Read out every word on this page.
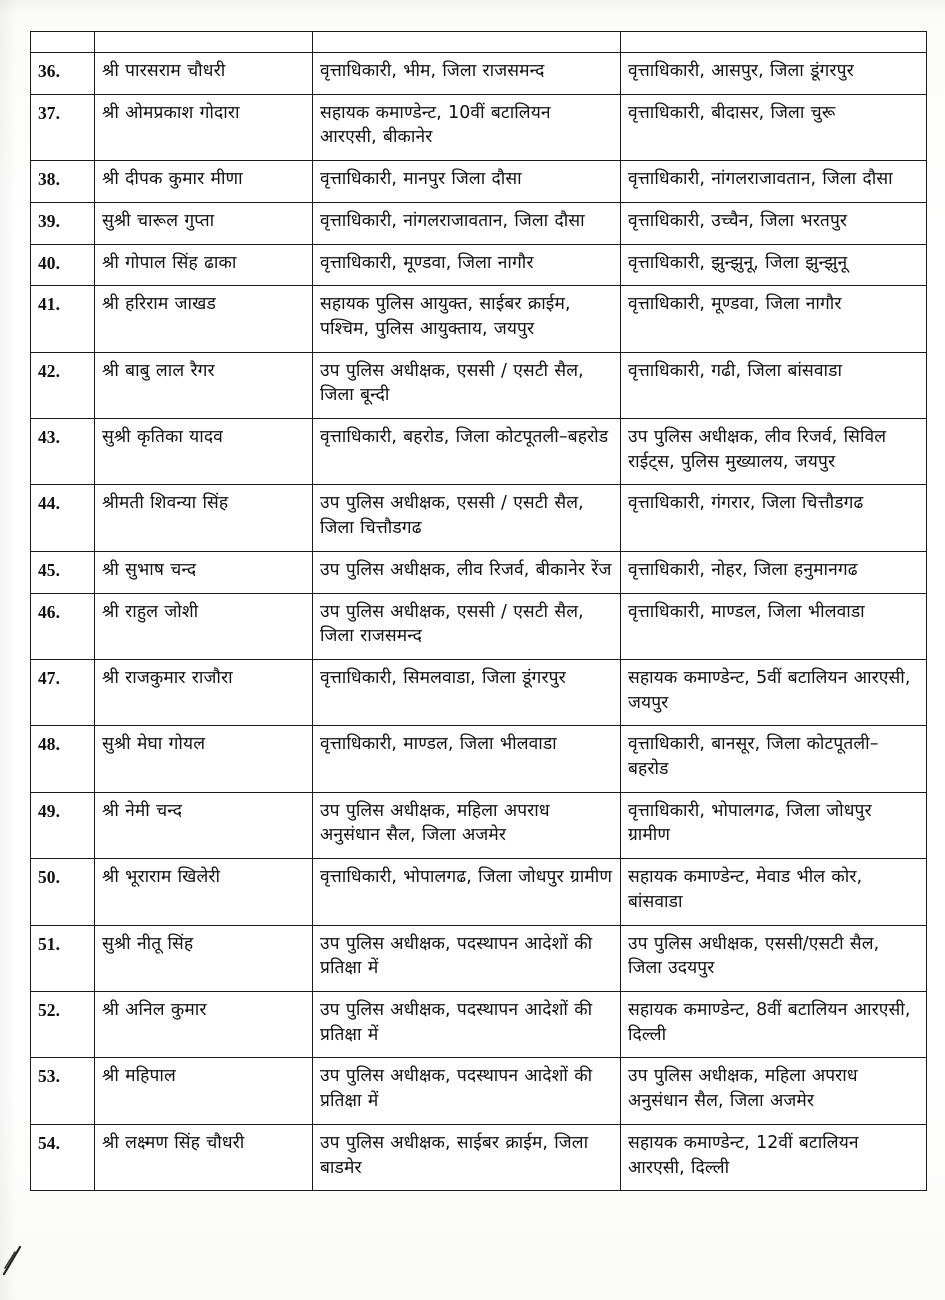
36.	श्री पारसराम चौधरी	वृत्ताधिकारी, भीम, जिला राजसमन्द	वृत्ताधिकारी, आसपुर, जिला डूंगरपुर
37.	श्री ओमप्रकाश गोदारा	सहायक कमाण्डेन्ट, 10वीं बटालियन आरएसी, बीकानेर	वृत्ताधिकारी, बीदासर, जिला चुरू
38.	श्री दीपक कुमार मीणा	वृत्ताधिकारी, मानपुर जिला दौसा	वृत्ताधिकारी, नांगलराजावतान, जिला दौसा
39.	सुश्री चारूल गुप्ता	वृत्ताधिकारी, नांगलराजावतान, जिला दौसा	वृत्ताधिकारी, उच्चैन, जिला भरतपुर
40.	श्री गोपाल सिंह ढाका	वृत्ताधिकारी, मूण्डवा, जिला नागौर	वृत्ताधिकारी, झुन्झुनू, जिला झुन्झुनू
41.	श्री हरिराम जाखड	सहायक पुलिस आयुक्त, साईबर क्राईम, पश्चिम, पुलिस आयुक्ताय, जयपुर	वृत्ताधिकारी, मूण्डवा, जिला नागौर
42.	श्री बाबु लाल रैगर	उप पुलिस अधीक्षक, एससी / एसटी सैल, जिला बून्दी	वृत्ताधिकारी, गढी, जिला बांसवाडा
43.	सुश्री कृतिका यादव	वृत्ताधिकारी, बहरोड, जिला कोटपूतली–बहरोड	उप पुलिस अधीक्षक, लीव रिजर्व, सिविल राईट्स, पुलिस मुख्यालय, जयपुर
44.	श्रीमती शिवन्या सिंह	उप पुलिस अधीक्षक, एससी / एसटी सैल, जिला चित्तौडगढ	वृत्ताधिकारी, गंगरार, जिला चित्तौडगढ
45.	श्री सुभाष चन्द	उप पुलिस अधीक्षक, लीव रिजर्व, बीकानेर रेंज	वृत्ताधिकारी, नोहर, जिला हनुमानगढ
46.	श्री राहुल जोशी	उप पुलिस अधीक्षक, एससी / एसटी सैल, जिला राजसमन्द	वृत्ताधिकारी, माण्डल, जिला भीलवाडा
47.	श्री राजकुमार राजौरा	वृत्ताधिकारी, सिमलवाडा, जिला डूंगरपुर	सहायक कमाण्डेन्ट, 5वीं बटालियन आरएसी, जयपुर
48.	सुश्री मेघा गोयल	वृत्ताधिकारी, माण्डल, जिला भीलवाडा	वृत्ताधिकारी, बानसूर, जिला कोटपूतली–बहरोड
49.	श्री नेमी चन्द	उप पुलिस अधीक्षक, महिला अपराध अनुसंधान सैल, जिला अजमेर	वृत्ताधिकारी, भोपालगढ, जिला जोधपुर ग्रामीण
50.	श्री भूराराम खिलेरी	वृत्ताधिकारी, भोपालगढ, जिला जोधपुर ग्रामीण	सहायक कमाण्डेन्ट, मेवाड भील कोर, बांसवाडा
51.	सुश्री नीतू सिंह	उप पुलिस अधीक्षक, पदस्थापन आदेशों की प्रतिक्षा में	उप पुलिस अधीक्षक, एससी/एसटी सैल, जिला उदयपुर
52.	श्री अनिल कुमार	उप पुलिस अधीक्षक, पदस्थापन आदेशों की प्रतिक्षा में	सहायक कमाण्डेन्ट, 8वीं बटालियन आरएसी, दिल्ली
53.	श्री महिपाल	उप पुलिस अधीक्षक, पदस्थापन आदेशों की प्रतिक्षा में	उप पुलिस अधीक्षक, महिला अपराध अनुसंधान सैल, जिला अजमेर
54.	श्री लक्ष्मण सिंह चौधरी	उप पुलिस अधीक्षक, साईबर क्राईम, जिला बाडमेर	सहायक कमाण्डेन्ट, 12वीं बटालियन आरएसी, दिल्ली
